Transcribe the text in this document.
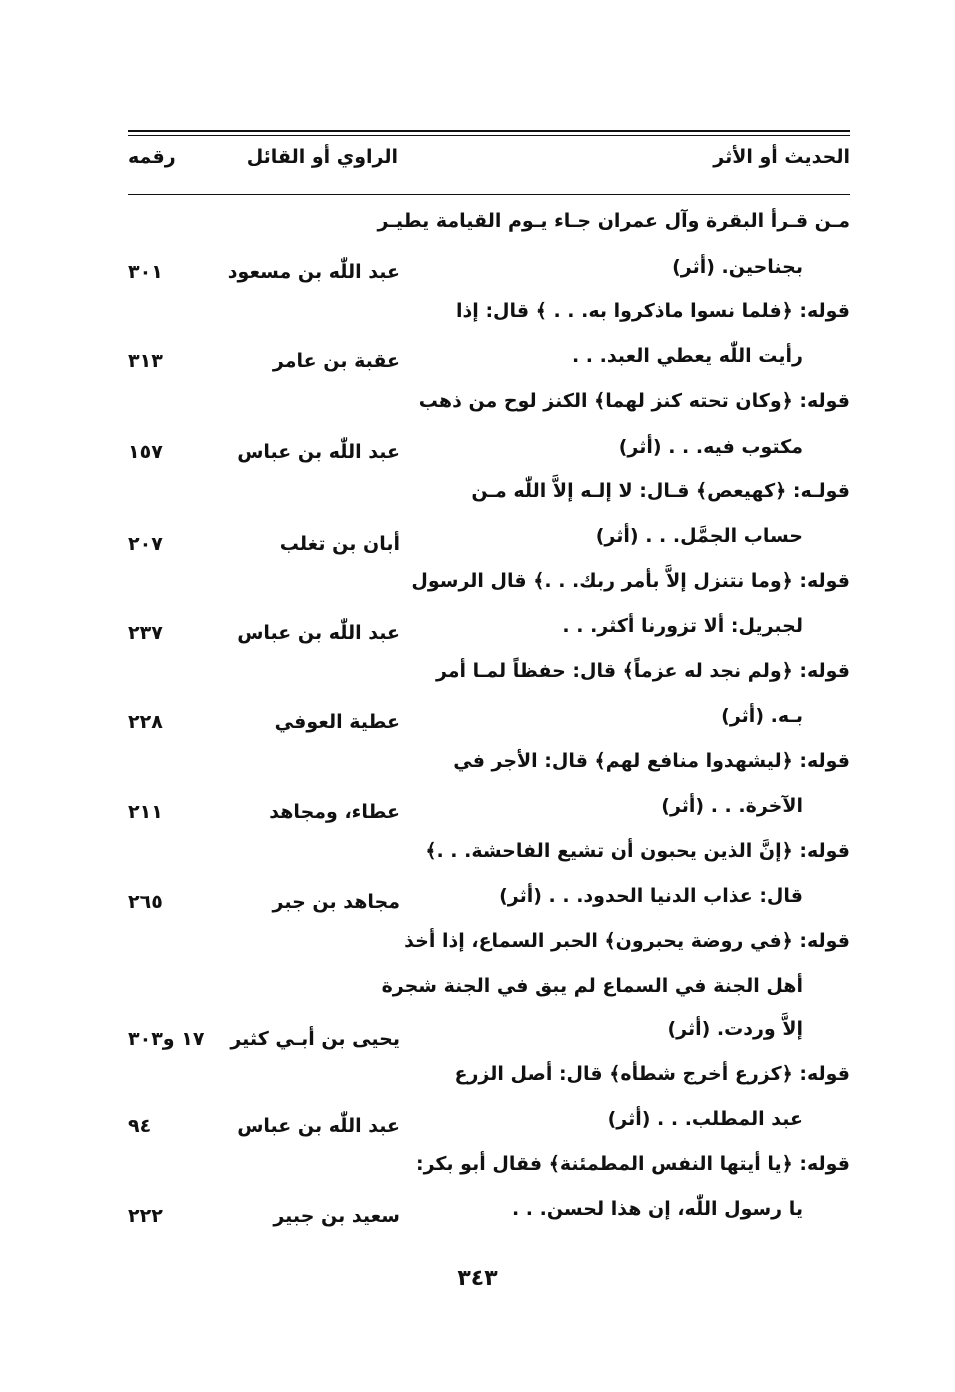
الحديث أو الأثر
الراوي أو القائل
رقمه
مـن قـرأ البقرة وآل عمران جـاء يـوم القيامة يطيـر
بجناحين. (أثر)
عبد اللّٰه بن مسعود
٣٠١
قوله: ﴿فلما نسوا ماذكروا به. . . ﴾ قال: إذا
رأيت اللّٰه يعطي العبد. . .
عقبة بن عامر
٣١٣
قوله: ﴿وكان تحته كنز لهما﴾ الكنز لوح من ذهب
مكتوب فيه. . . (أثر)
عبد اللّٰه بن عباس
١٥٧
قولـه: ﴿كهيعص﴾ قـال: لا إلـه إلاَّ اللّٰه مـن
حساب الجمَّل. . . (أثر)
أبان بن تغلب
٢٠٧
قوله: ﴿وما نتنزل إلاَّ بأمر ربك. . .﴾ قال الرسول
لجبريل: ألا تزورنا أكثر. . .
عبد اللّٰه بن عباس
٢٣٧
قوله: ﴿ولم نجد له عزماً﴾ قال: حفظاً لمـا أمر
بـه. (أثر)
عطية العوفي
٢٢٨
قوله: ﴿ليشهدوا منافع لهم﴾ قال: الأجر في
الآخرة. . . (أثر)
عطاء، ومجاهد
٢١١
قوله: ﴿إنَّ الذين يحبون أن تشيع الفاحشة. . .﴾
قال: عذاب الدنيا الحدود. . . (أثر)
مجاهد بن جبر
٢٦٥
قوله: ﴿في روضة يحبرون﴾ الحبر السماع، إذا أخذ
أهل الجنة في السماع لم يبق في الجنة شجرة
إلاَّ وردت. (أثر)
يحيى بن أبـي كثير
١٧ و٣٠٣
قوله: ﴿كزرع أخرج شطأه﴾ قال: أصل الزرع
عبد المطلب. . . (أثر)
عبد اللّٰه بن عباس
٩٤
قوله: ﴿يا أيتها النفس المطمئنة﴾ فقال أبو بكر:
يا رسول اللّٰه، إن هذا لحسن. . .
سعيد بن جبير
٢٢٢
٣٤٣
